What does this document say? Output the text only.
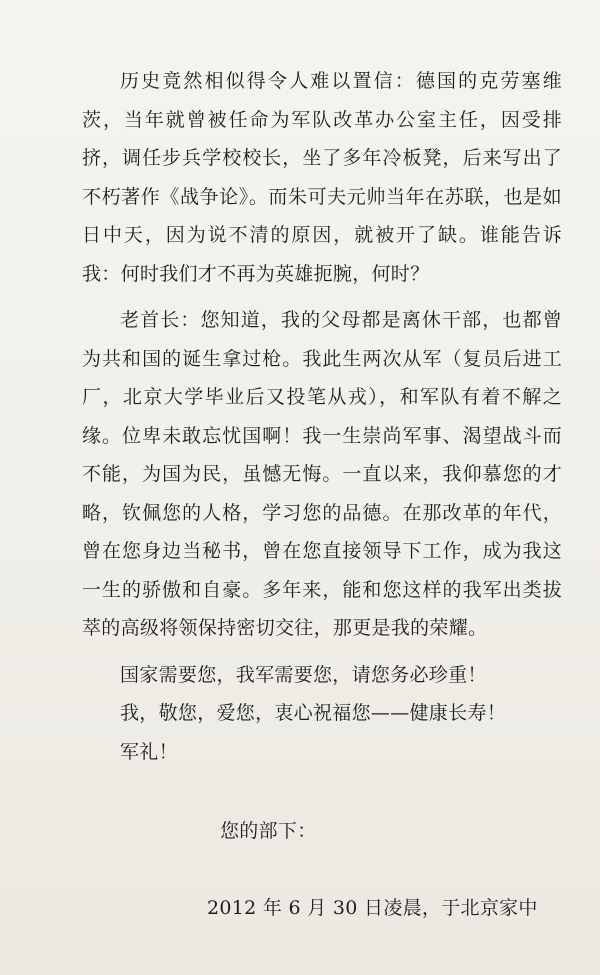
历史竟然相似得令人难以置信：德国的克劳塞维茨，当年就曾被任命为军队改革办公室主任，因受排挤，调任步兵学校校长，坐了多年冷板凳，后来写出了不朽著作《战争论》。而朱可夫元帅当年在苏联，也是如日中天，因为说不清的原因，就被开了缺。谁能告诉我：何时我们才不再为英雄扼腕，何时？

老首长：您知道，我的父母都是离休干部，也都曾为共和国的诞生拿过枪。我此生两次从军（复员后进工厂，北京大学毕业后又投笔从戎），和军队有着不解之缘。位卑未敢忘忧国啊！我一生崇尚军事、渴望战斗而不能，为国为民，虽憾无悔。一直以来，我仰慕您的才略，钦佩您的人格，学习您的品德。在那改革的年代，曾在您身边当秘书，曾在您直接领导下工作，成为我这一生的骄傲和自豪。多年来，能和您这样的我军出类拔萃的高级将领保持密切交往，那更是我的荣耀。

国家需要您，我军需要您，请您务必珍重！

我，敬您，爱您，衷心祝福您——健康长寿！

军礼！

您的部下：
2012 年 6 月 30 日凌晨，于北京家中
